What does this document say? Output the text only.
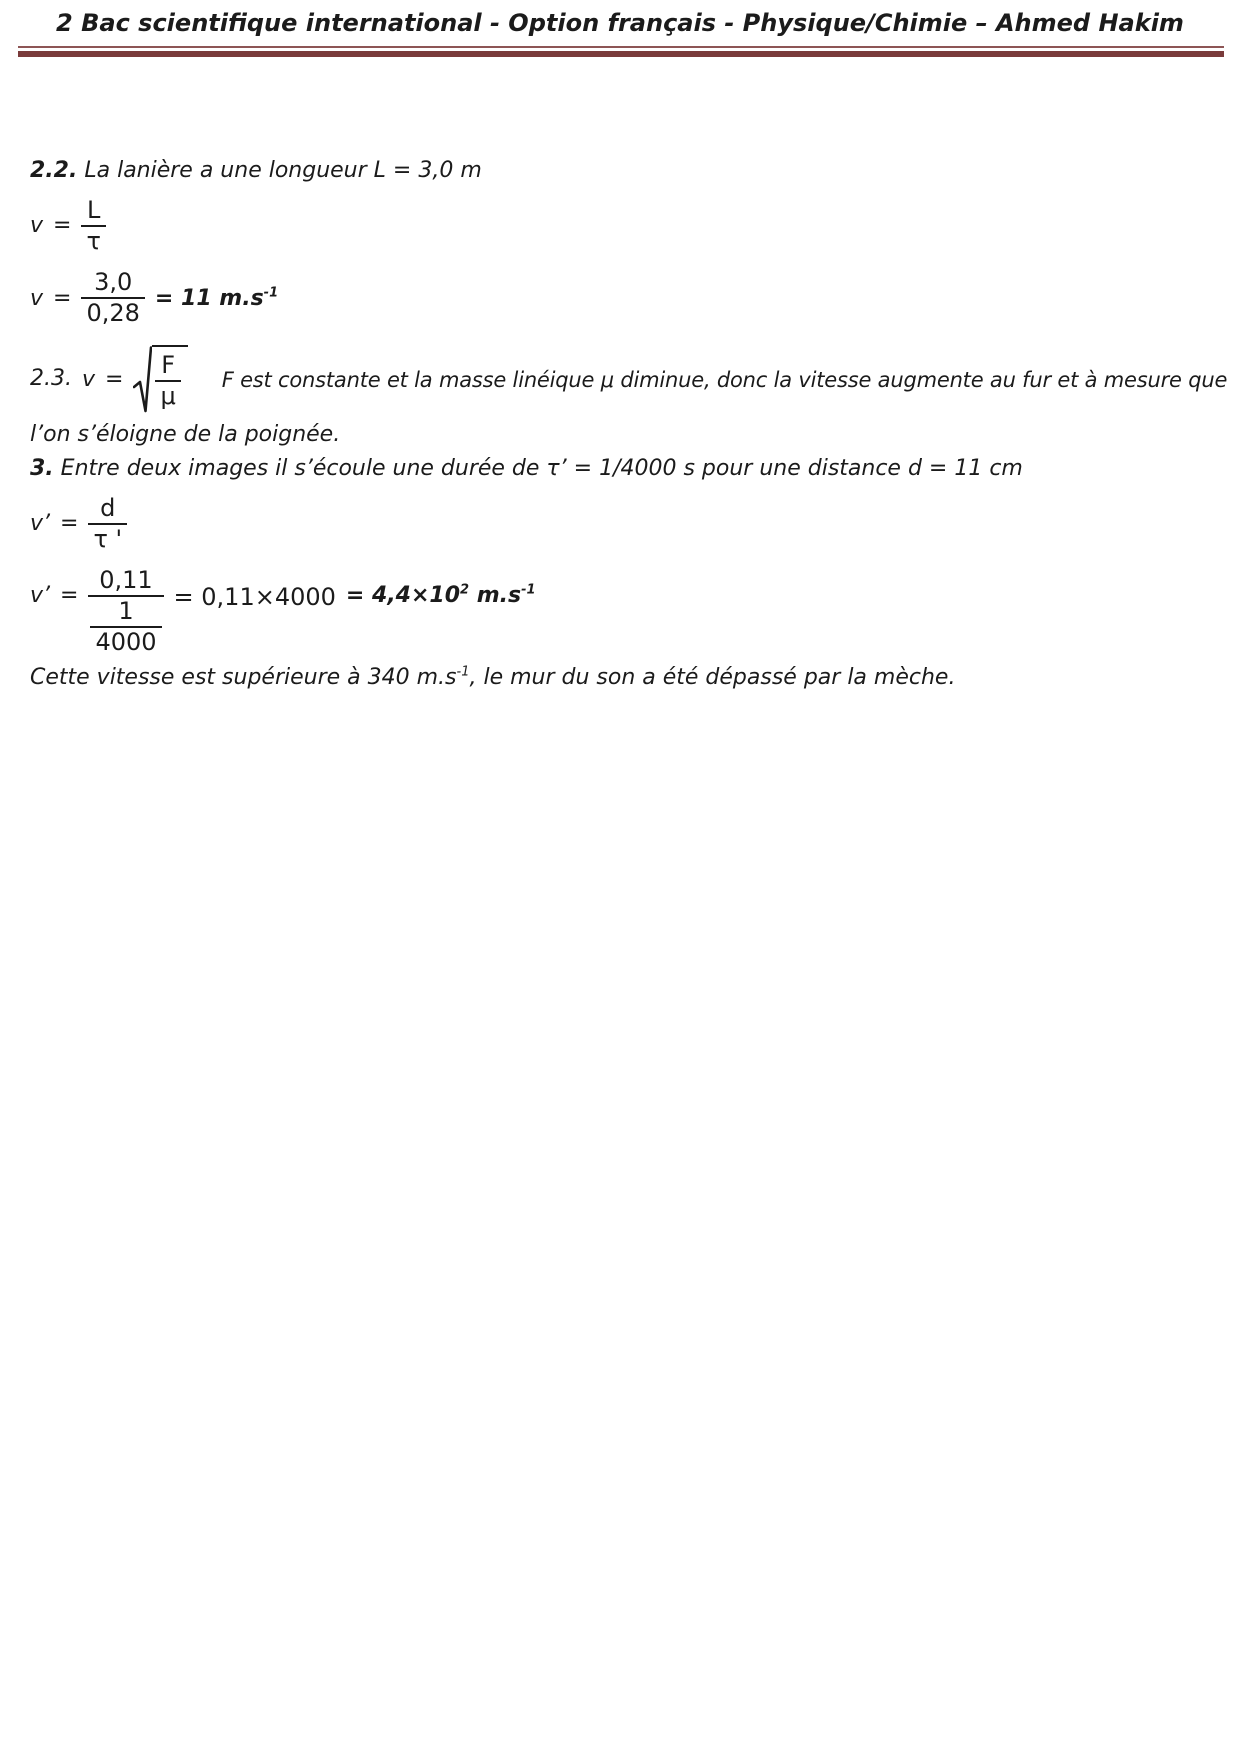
2 Bac scientifique international - Option français - Physique/Chimie – Ahmed Hakim

2.2. La lanière a une longueur L = 3,0 m

$v = \frac{L}{\tau}$
$v = \frac{3,0}{0,28} = 11$ $m.s^{-1}$
2.3. $v = \frac{F}{\mu}$ F est constante et la masse linéique μ diminue, donc la vitesse augmente au fur et à mesure que

l’on s’éloigne de la poignée.

3. Entre deux images il s’écoule une durée de τ’ = 1/4000 s pour une distance d = 11 cm

v’ = $\frac{d}{\tau '}$
v’ = $\frac{0,11}{\frac{1}{4000}} = 0,11\times 4000 = 4,4\times 10^2$ $m.s^{-1}$

Cette vitesse est supérieure à 340 $m.s^{-1}$, le mur du son a été dépassé par la mèche.
